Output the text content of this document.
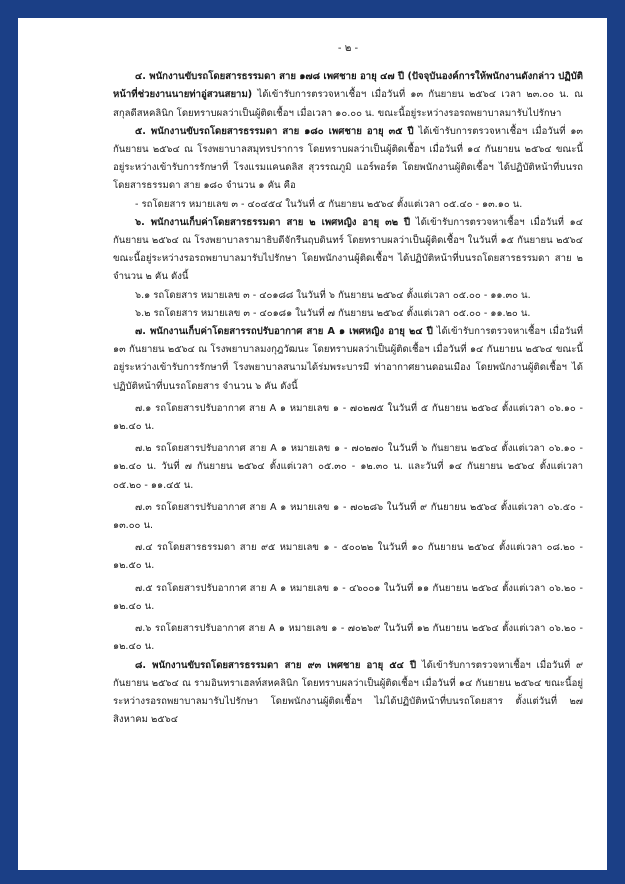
- ๒ -

๔. พนักงานขับรถโดยสารธรรมดา สาย ๑๗๘ เพศชาย อายุ ๔๗ ปี (ปัจจุบันองค์การให้พนักงานดังกล่าว ปฏิบัติหน้าที่ช่วยงานนายท่าอู่สวนสยาม) ได้เข้ารับการตรวจหาเชื้อฯ เมื่อวันที่ ๑๓ กันยายน ๒๕๖๔ เวลา ๒๓.๐๐ น. ณ สกุลดีสหคลินิก โดยทราบผลว่าเป็นผู้ติดเชื้อฯ เมื่อเวลา ๑๐.๐๐ น. ขณะนี้อยู่ระหว่างรอรถพยาบาลมารับไปรักษา

๕. พนักงานขับรถโดยสารธรรมดา สาย ๑๘๐ เพศชาย อายุ ๓๕ ปี ได้เข้ารับการตรวจหาเชื้อฯ เมื่อวันที่ ๑๓ กันยายน ๒๕๖๔ ณ โรงพยาบาลสมุทรปราการ โดยทราบผลว่าเป็นผู้ติดเชื้อฯ เมื่อวันที่ ๑๔ กันยายน ๒๕๖๔ ขณะนี้อยู่ระหว่างเข้ารับการรักษาที่ โรงแรมแคนดลิส สุวรรณภูมิ แอร์พอร์ต โดยพนักงานผู้ติดเชื้อฯ ได้ปฏิบัติหน้าที่บนรถโดยสารธรรมดา สาย ๑๘๐ จำนวน ๑ คัน คือ

- รถโดยสาร หมายเลข ๓ - ๔๐๔๕๔ ในวันที่ ๕ กันยายน ๒๕๖๔ ตั้งแต่เวลา ๐๕.๔๐ - ๑๓.๑๐ น.

๖. พนักงานเก็บค่าโดยสารธรรมดา สาย ๒ เพศหญิง อายุ ๓๒ ปี ได้เข้ารับการตรวจหาเชื้อฯ เมื่อวันที่ ๑๔ กันยายน ๒๕๖๔ ณ โรงพยาบาลรามาธิบดีจักรีนฤบดินทร์ โดยทราบผลว่าเป็นผู้ติดเชื้อฯ ในวันที่ ๑๕ กันยายน ๒๕๖๔ ขณะนี้อยู่ระหว่างรอรถพยาบาลมารับไปรักษา โดยพนักงานผู้ติดเชื้อฯ ได้ปฏิบัติหน้าที่บนรถโดยสารธรรมดา สาย ๒ จำนวน ๒ คัน ดังนี้

๖.๑ รถโดยสาร หมายเลข ๓ - ๔๐๑๘๘ ในวันที่ ๖ กันยายน ๒๕๖๔ ตั้งแต่เวลา ๐๕.๐๐ - ๑๑.๓๐ น.

๖.๒ รถโดยสาร หมายเลข ๓ - ๔๐๑๘๑ ในวันที่ ๗ กันยายน ๒๕๖๔ ตั้งแต่เวลา ๐๕.๐๐ - ๑๑.๒๐ น.

๗. พนักงานเก็บค่าโดยสารรถปรับอากาศ สาย A ๑ เพศหญิง อายุ ๒๔ ปี ได้เข้ารับการตรวจหาเชื้อฯ เมื่อวันที่ ๑๓ กันยายน ๒๕๖๔ ณ โรงพยาบาลมงกุฎวัฒนะ โดยทราบผลว่าเป็นผู้ติดเชื้อฯ เมื่อวันที่ ๑๔ กันยายน ๒๕๖๔ ขณะนี้อยู่ระหว่างเข้ารับการรักษาที่ โรงพยาบาลสนามได้ร่มพระบารมี ท่าอากาศยานดอนเมือง โดยพนักงานผู้ติดเชื้อฯ ได้ปฏิบัติหน้าที่บนรถโดยสาร จำนวน ๖ คัน ดังนี้

๗.๑ รถโดยสารปรับอากาศ สาย A ๑ หมายเลข ๑ - ๗๐๒๗๕ ในวันที่ ๕ กันยายน ๒๕๖๔ ตั้งแต่เวลา ๐๖.๑๐ - ๑๒.๔๐ น.

๗.๒ รถโดยสารปรับอากาศ สาย A ๑ หมายเลข ๑ - ๗๐๒๗๐ ในวันที่ ๖ กันยายน ๒๕๖๔ ตั้งแต่เวลา ๐๖.๑๐ - ๑๒.๔๐ น. วันที่ ๗ กันยายน ๒๕๖๔ ตั้งแต่เวลา ๐๕.๓๐ - ๑๒.๓๐ น. และวันที่ ๑๔ กันยายน ๒๕๖๔ ตั้งแต่เวลา ๐๕.๒๐ - ๑๑.๔๕ น.

๗.๓ รถโดยสารปรับอากาศ สาย A ๑ หมายเลข ๑ - ๗๐๒๘๖ ในวันที่ ๙ กันยายน ๒๕๖๔ ตั้งแต่เวลา ๐๖.๕๐ - ๑๓.๐๐ น.

๗.๔ รถโดยสารธรรมดา สาย ๙๕ หมายเลข ๑ - ๕๐๐๒๒ ในวันที่ ๑๐ กันยายน ๒๕๖๔ ตั้งแต่เวลา ๐๘.๒๐ - ๑๒.๕๐ น.

๗.๕ รถโดยสารปรับอากาศ สาย A ๑ หมายเลข ๑ - ๔๖๐๐๑ ในวันที่ ๑๑ กันยายน ๒๕๖๔ ตั้งแต่เวลา ๐๖.๒๐ - ๑๒.๔๐ น.

๗.๖ รถโดยสารปรับอากาศ สาย A ๑ หมายเลข ๑ - ๗๐๒๖๙ ในวันที่ ๑๒ กันยายน ๒๕๖๔ ตั้งแต่เวลา ๐๖.๒๐ - ๑๒.๔๐ น.

๘. พนักงานขับรถโดยสารธรรมดา สาย ๙๓ เพศชาย อายุ ๕๔ ปี ได้เข้ารับการตรวจหาเชื้อฯ เมื่อวันที่ ๙ กันยายน ๒๕๖๔ ณ รามอินทราเฮลท์สหคลินิก โดยทราบผลว่าเป็นผู้ติดเชื้อฯ เมื่อวันที่ ๑๔ กันยายน ๒๕๖๔ ขณะนี้อยู่ระหว่างรอรถพยาบาลมารับไปรักษา โดยพนักงานผู้ติดเชื้อฯ ไม่ได้ปฏิบัติหน้าที่บนรถโดยสาร ตั้งแต่วันที่ ๒๗ สิงหาคม ๒๕๖๔
